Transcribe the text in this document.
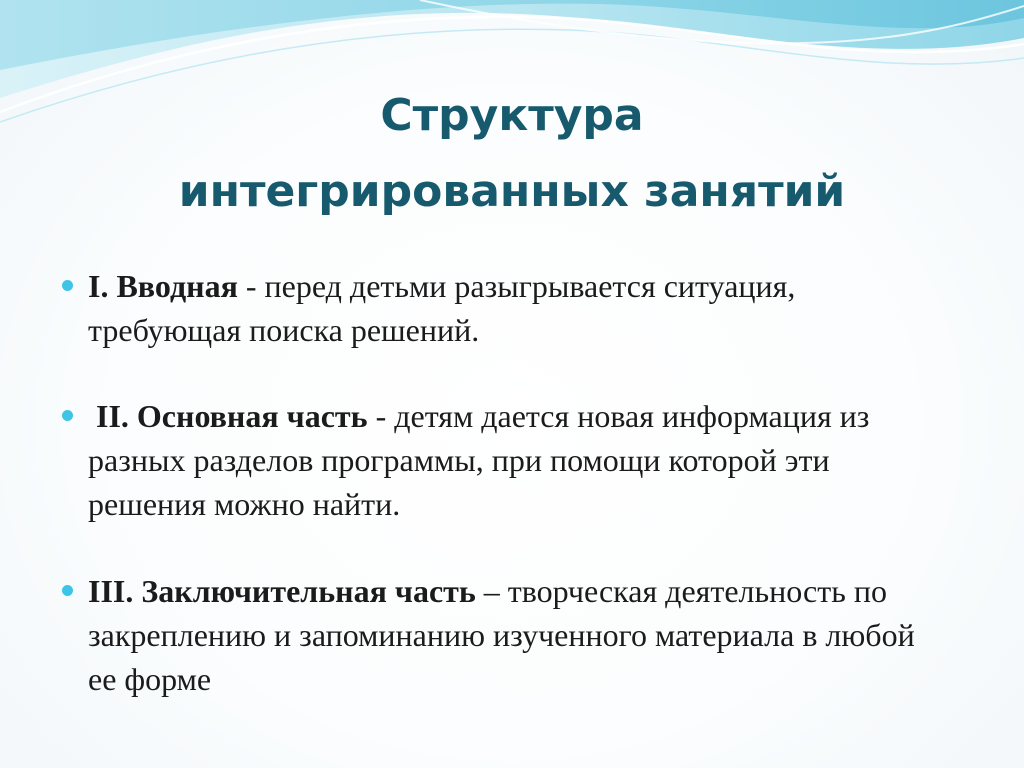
Структура
интегрированных занятий
I. Вводная - перед детьми разыгрывается ситуация, требующая поиска решений.
II. Основная часть - детям дается новая информация из разных разделов программы, при помощи которой эти решения можно найти.
III. Заключительная часть – творческая деятельность по закреплению и запоминанию изученного материала в любой ее форме
